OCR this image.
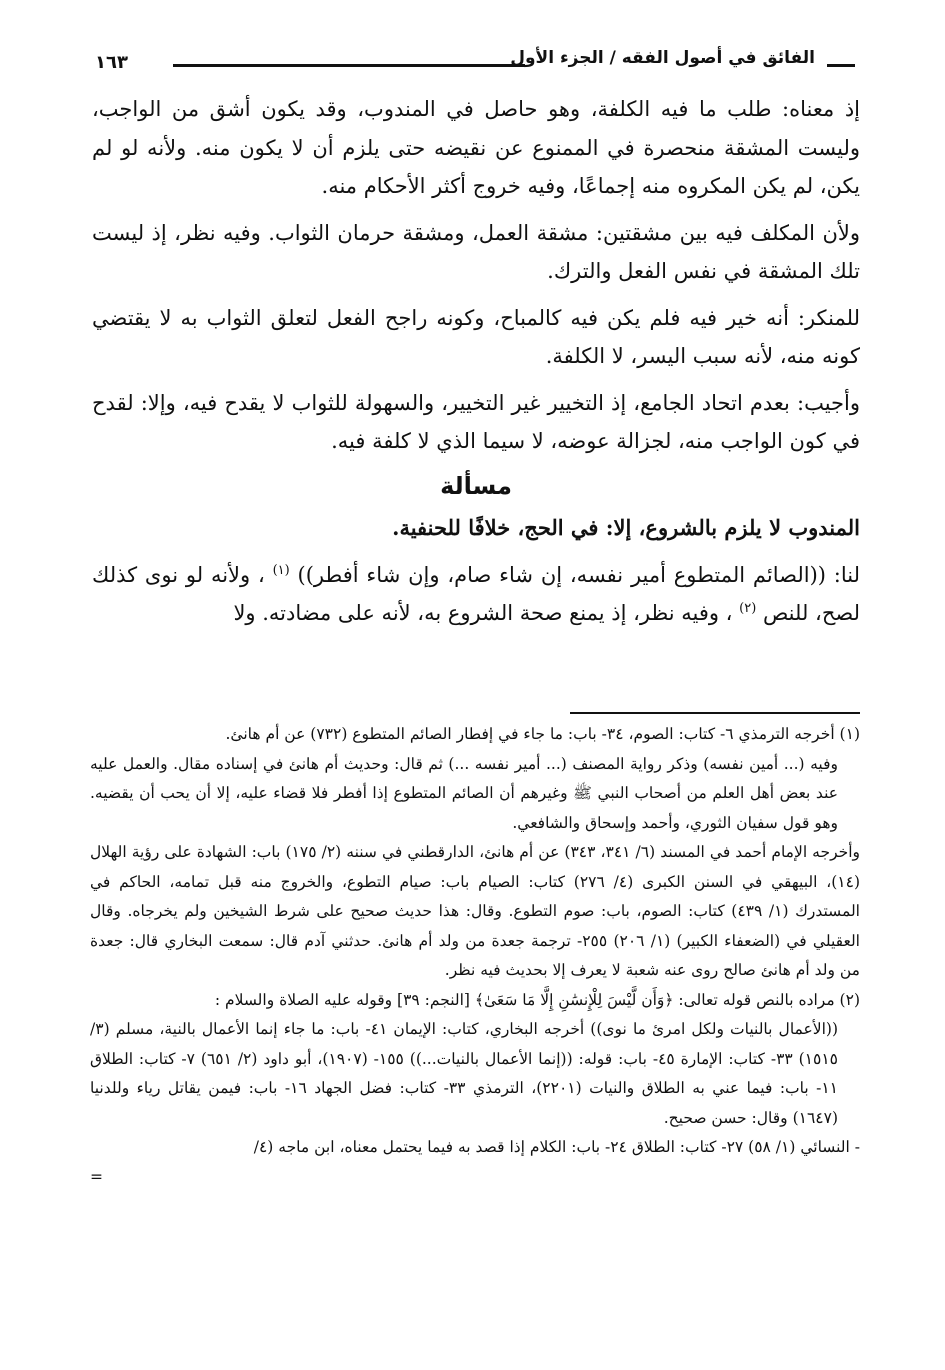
الفائق في أصول الفقه / الجزء الأول
١٦٣

إذ معناه: طلب ما فيه الكلفة، وهو حاصل في المندوب، وقد يكون أشق من الواجب، وليست المشقة منحصرة في الممنوع عن نقيضه حتى يلزم أن لا يكون منه. ولأنه لو لم يكن، لم يكن المكروه منه إجماعًا، وفيه خروج أكثر الأحكام منه.

ولأن المكلف فيه بين مشقتين: مشقة العمل، ومشقة حرمان الثواب. وفيه نظر، إذ ليست تلك المشقة في نفس الفعل والترك.

للمنكر: أنه خير فيه فلم يكن فيه كالمباح، وكونه راجح الفعل لتعلق الثواب به لا يقتضي كونه منه، لأنه سبب اليسر، لا الكلفة.

وأجيب: بعدم اتحاد الجامع، إذ التخيير غير التخيير، والسهولة للثواب لا يقدح فيه، وإلا: لقدح في كون الواجب منه، لجزالة عوضه، لا سيما الذي لا كلفة فيه.

مسألة

المندوب لا يلزم بالشروع، إلا: في الحج، خلافًا للحنفية.

لنا: ((الصائم المتطوع أمير نفسه، إن شاء صام، وإن شاء أفطر)) $^{(١)}$ ، ولأنه لو نوى كذلك لصح، للنص $^{(٢)}$ ، وفيه نظر، إذ يمنع صحة الشروع به، لأنه على مضادته. ولا

(١) أخرجه الترمذي ٦- كتاب: الصوم، ٣٤- باب: ما جاء في إفطار الصائم المتطوع (٧٣٢) عن أم هانئ.

وفيه (... أمين نفسه) وذكر رواية المصنف (... أمير نفسه ...) ثم قال: وحديث أم هانئ في إسناده مقال. والعمل عليه عند بعض أهل العلم من أصحاب النبي ﷺ وغيرهم أن الصائم المتطوع إذا أفطر فلا قضاء عليه، إلا أن يحب أن يقضيه. وهو قول سفيان الثوري، وأحمد وإسحاق والشافعي.

وأخرجه الإمام أحمد في المسند (٦/ ٣٤١، ٣٤٣) عن أم هانئ، الدارقطني في سننه (٢/ ١٧٥) باب: الشهادة على رؤية الهلال (١٤)، البيهقي في السنن الكبرى (٤/ ٢٧٦) كتاب: الصيام باب: صيام التطوع، والخروج منه قبل تمامه، الحاكم في المستدرك (١/ ٤٣٩) كتاب: الصوم، باب: صوم التطوع. وقال: هذا حديث صحيح على شرط الشيخين ولم يخرجاه. وقال العقيلي في (الضعفاء الكبير) (١/ ٢٠٦) ٢٥٥- ترجمة جعدة من ولد أم هانئ. حدثني آدم قال: سمعت البخاري قال: جعدة من ولد أم هانئ صالح روى عنه شعبة لا يعرف إلا بحديث فيه نظر.

(٢) مراده بالنص قوله تعالى: ﴿وَأَن لَّيْسَ لِلْإِنسَٰنِ إِلَّا مَا سَعَىٰ﴾ [النجم: ٣٩] وقوله عليه الصلاة والسلام :

((الأعمال بالنيات ولكل امرئ ما نوى)) أخرجه البخاري، كتاب: الإيمان ٤١- باب: ما جاء إنما الأعمال بالنية، مسلم (٣/ ١٥١٥) ٣٣- كتاب: الإمارة ٤٥- باب: قوله: ((إنما الأعمال بالنيات...)) ١٥٥- (١٩٠٧)، أبو داود (٢/ ٦٥١) ٧- كتاب: الطلاق ١١- باب: فيما عني به الطلاق والنيات (٢٢٠١)، الترمذي ٣٣- كتاب: فضل الجهاد ١٦- باب: فيمن يقاتل رياء وللدنيا (١٦٤٧) وقال: حسن صحيح.

- النسائي (١/ ٥٨) ٢٧- كتاب: الطلاق ٢٤- باب: الكلام إذا قصد به فيما يحتمل معناه، ابن ماجه (٤/

=
